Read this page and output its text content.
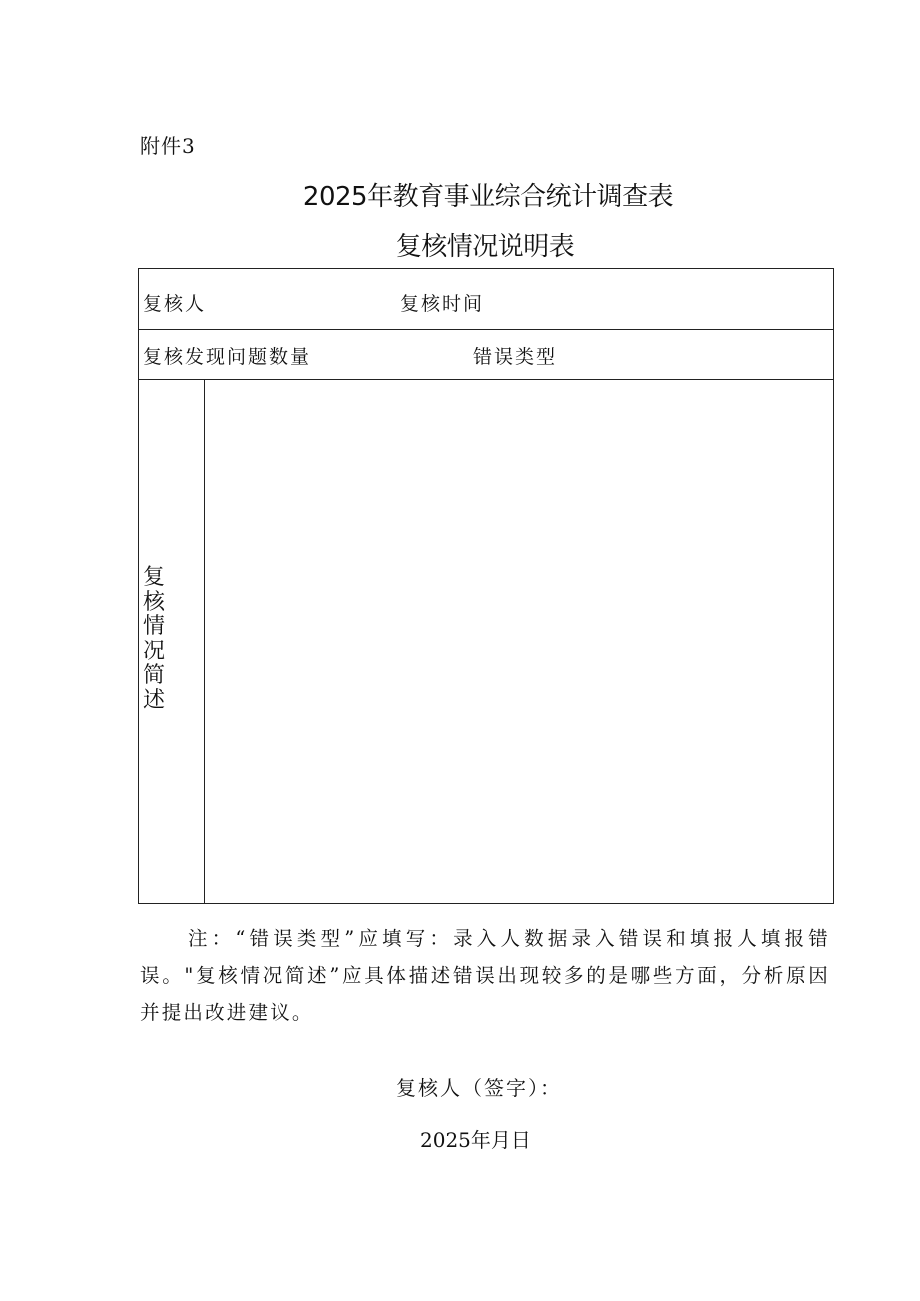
附件3
2025年教育事业综合统计调查表
复核情况说明表
复核人	复核时间
复核发现问题数量	错误类型
复核情况简述
注：“错误类型”应填写：录入人数据录入错误和填报人填报错误。"复核情况简述”应具体描述错误出现较多的是哪些方面，分析原因并提出改进建议。
复核人（签字）：
2025年月日
